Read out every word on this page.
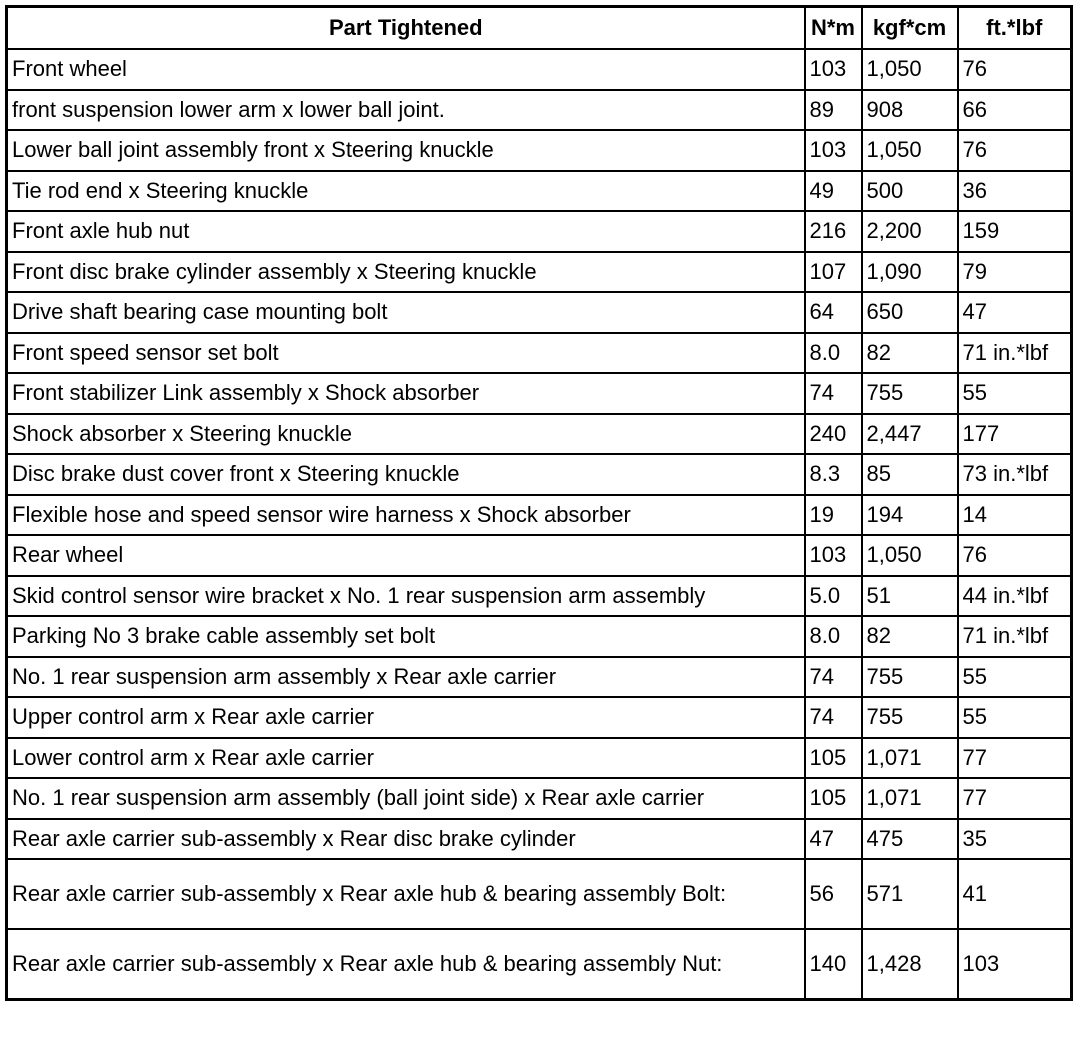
Part Tightened	N*m	kgf*cm	ft.*lbf
Front wheel	103	1,050	76
front suspension lower arm x lower ball joint.	89	908	66
Lower ball joint assembly front x Steering knuckle	103	1,050	76
Tie rod end x Steering knuckle	49	500	36
Front axle hub nut	216	2,200	159
Front disc brake cylinder assembly x Steering knuckle	107	1,090	79
Drive shaft bearing case mounting bolt	64	650	47
Front speed sensor set bolt	8.0	82	71 in.*lbf
Front stabilizer Link assembly x Shock absorber	74	755	55
Shock absorber x Steering knuckle	240	2,447	177
Disc brake dust cover front x Steering knuckle	8.3	85	73 in.*lbf
Flexible hose and speed sensor wire harness x Shock absorber	19	194	14
Rear wheel	103	1,050	76
Skid control sensor wire bracket x No. 1 rear suspension arm assembly	5.0	51	44 in.*lbf
Parking No 3 brake cable assembly set bolt	8.0	82	71 in.*lbf
No. 1 rear suspension arm assembly x Rear axle carrier	74	755	55
Upper control arm x Rear axle carrier	74	755	55
Lower control arm x Rear axle carrier	105	1,071	77
No. 1 rear suspension arm assembly (ball joint side) x Rear axle carrier	105	1,071	77
Rear axle carrier sub-assembly x Rear disc brake cylinder	47	475	35
Rear axle carrier sub-assembly x Rear axle hub & bearing assembly Bolt:	56	571	41
Rear axle carrier sub-assembly x Rear axle hub & bearing assembly Nut:	140	1,428	103
